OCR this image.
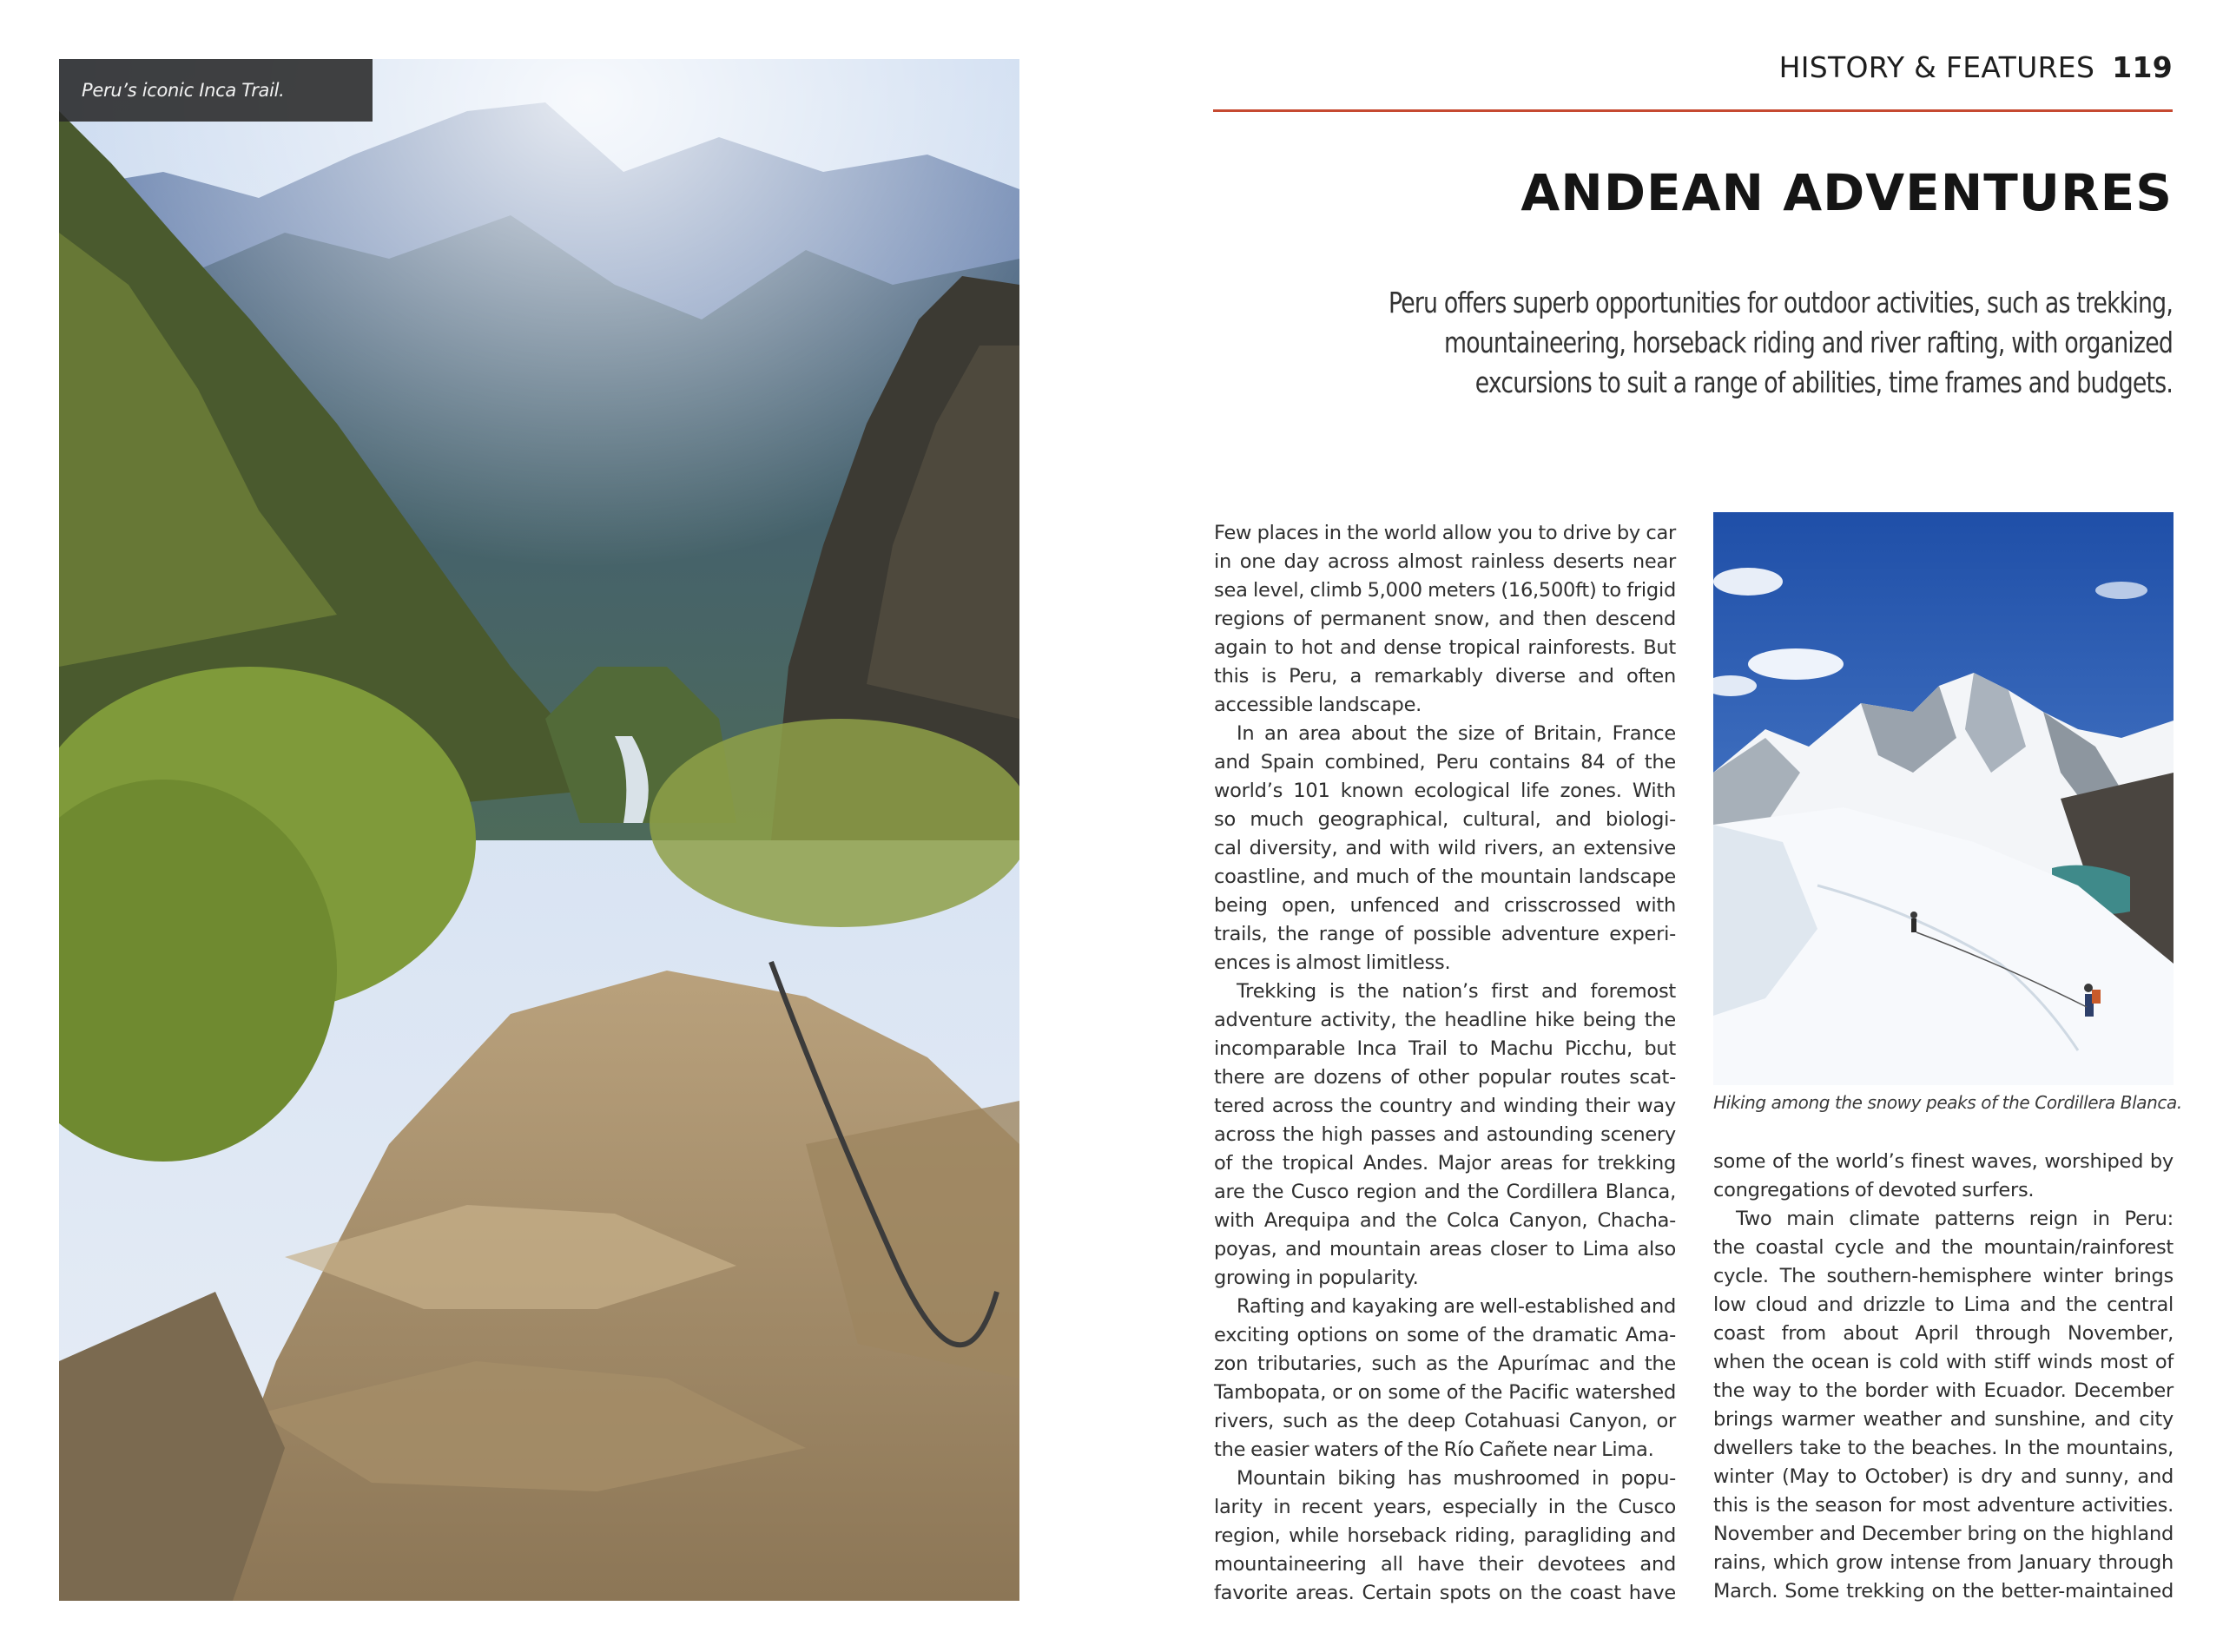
Peru’s iconic Inca Trail.
HISTORY & FEATURES 119
ANDEAN ADVENTURES
Peru offers superb opportunities for outdoor activities, such as trekking,
mountaineering, horseback riding and river rafting, with organized
excursions to suit a range of abilities, time frames and budgets.
Few places in the world allow you to drive by car
in one day across almost rainless deserts near
sea level, climb 5,000 meters (16,500ft) to frigid
regions of permanent snow, and then descend
again to hot and dense tropical rainforests. But
this is Peru, a remarkably diverse and often
accessible landscape.
In an area about the size of Britain, France
and Spain combined, Peru contains 84 of the
world’s 101 known ecological life zones. With
so much geographical, cultural, and biologi-
cal diversity, and with wild rivers, an extensive
coastline, and much of the mountain landscape
being open, unfenced and crisscrossed with
trails, the range of possible adventure experi-
ences is almost limitless.
Trekking is the nation’s first and foremost
adventure activity, the headline hike being the
incomparable Inca Trail to Machu Picchu, but
there are dozens of other popular routes scat-
tered across the country and winding their way
across the high passes and astounding scenery
of the tropical Andes. Major areas for trekking
are the Cusco region and the Cordillera Blanca,
with Arequipa and the Colca Canyon, Chacha-
poyas, and mountain areas closer to Lima also
growing in popularity.
Rafting and kayaking are well-established and
exciting options on some of the dramatic Ama-
zon tributaries, such as the Apurímac and the
Tambopata, or on some of the Pacific watershed
rivers, such as the deep Cotahuasi Canyon, or
the easier waters of the Río Cañete near Lima.
Mountain biking has mushroomed in popu-
larity in recent years, especially in the Cusco
region, while horseback riding, paragliding and
mountaineering all have their devotees and
favorite areas. Certain spots on the coast have
Hiking among the snowy peaks of the Cordillera Blanca.
some of the world’s finest waves, worshiped by
congregations of devoted surfers.
Two main climate patterns reign in Peru:
the coastal cycle and the mountain/rainforest
cycle. The southern-hemisphere winter brings
low cloud and drizzle to Lima and the central
coast from about April through November,
when the ocean is cold with stiff winds most of
the way to the border with Ecuador. December
brings warmer weather and sunshine, and city
dwellers take to the beaches. In the mountains,
winter (May to October) is dry and sunny, and
this is the season for most adventure activities.
November and December bring on the highland
rains, which grow intense from January through
March. Some trekking on the better-maintained
